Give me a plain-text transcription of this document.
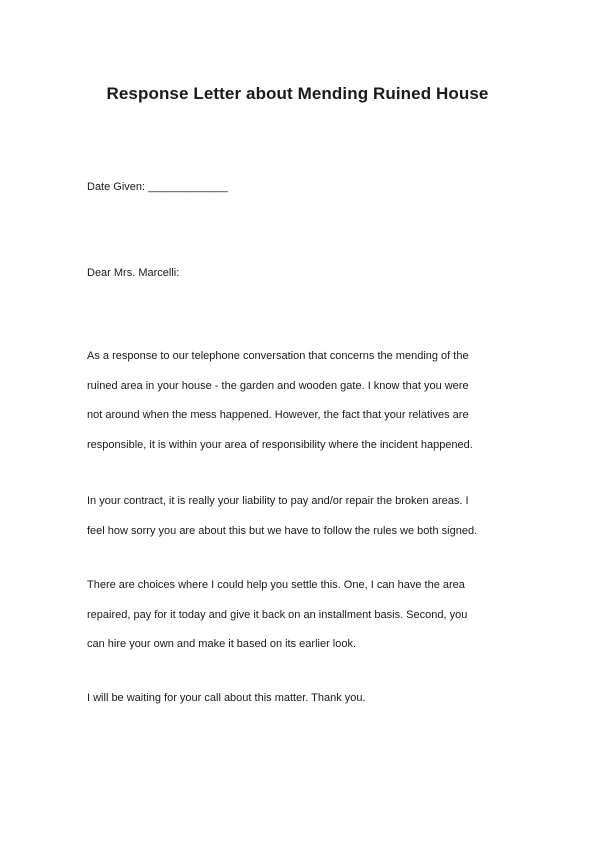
Response Letter about Mending Ruined House
Date Given: _____________
Dear Mrs. Marcelli:
As a response to our telephone conversation that concerns the mending of the
ruined area in your house - the garden and wooden gate. I know that you were
not around when the mess happened. However, the fact that your relatives are
responsible, it is within your area of responsibility where the incident happened.
In your contract, it is really your liability to pay and/or repair the broken areas. I
feel how sorry you are about this but we have to follow the rules we both signed.
There are choices where I could help you settle this. One, I can have the area
repaired, pay for it today and give it back on an installment basis. Second, you
can hire your own and make it based on its earlier look.
I will be waiting for your call about this matter. Thank you.
